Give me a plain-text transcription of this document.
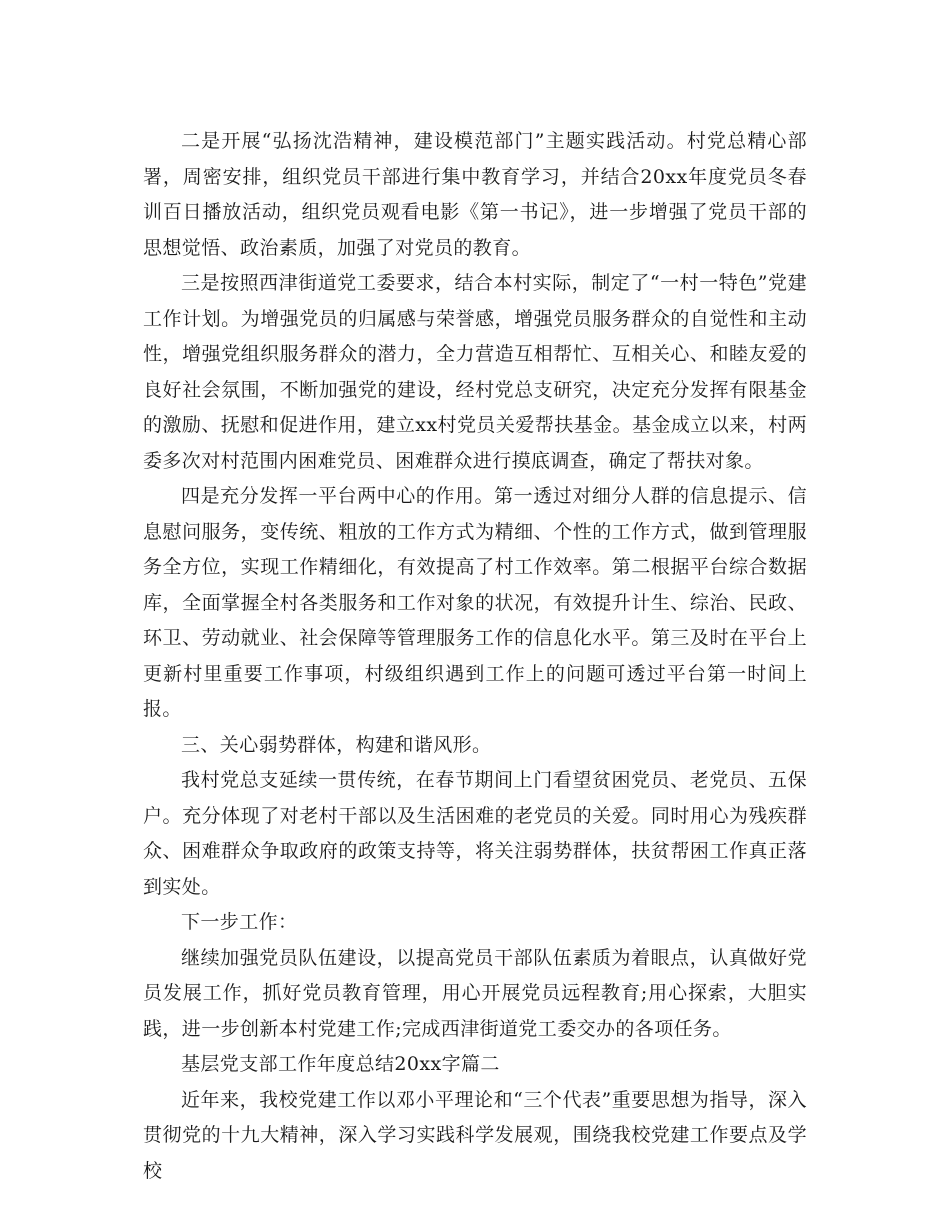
二是开展“弘扬沈浩精神，建设模范部门”主题实践活动。村党总精心部署，周密安排，组织党员干部进行集中教育学习，并结合20xx年度党员冬春训百日播放活动，组织党员观看电影《第一书记》，进一步增强了党员干部的思想觉悟、政治素质，加强了对党员的教育。

三是按照西津街道党工委要求，结合本村实际，制定了“一村一特色”党建工作计划。为增强党员的归属感与荣誉感，增强党员服务群众的自觉性和主动性，增强党组织服务群众的潜力，全力营造互相帮忙、互相关心、和睦友爱的良好社会氛围，不断加强党的建设，经村党总支研究，决定充分发挥有限基金的激励、抚慰和促进作用，建立xx村党员关爱帮扶基金。基金成立以来，村两委多次对村范围内困难党员、困难群众进行摸底调查，确定了帮扶对象。

四是充分发挥一平台两中心的作用。第一透过对细分人群的信息提示、信息慰问服务，变传统、粗放的工作方式为精细、个性的工作方式，做到管理服务全方位，实现工作精细化，有效提高了村工作效率。第二根据平台综合数据库，全面掌握全村各类服务和工作对象的状况，有效提升计生、综治、民政、环卫、劳动就业、社会保障等管理服务工作的信息化水平。第三及时在平台上更新村里重要工作事项，村级组织遇到工作上的问题可透过平台第一时间上报。

三、关心弱势群体，构建和谐风形。

我村党总支延续一贯传统，在春节期间上门看望贫困党员、老党员、五保户。充分体现了对老村干部以及生活困难的老党员的关爱。同时用心为残疾群众、困难群众争取政府的政策支持等，将关注弱势群体，扶贫帮困工作真正落到实处。

下一步工作：

继续加强党员队伍建设，以提高党员干部队伍素质为着眼点，认真做好党员发展工作，抓好党员教育管理，用心开展党员远程教育;用心探索，大胆实践，进一步创新本村党建工作;完成西津街道党工委交办的各项任务。

基层党支部工作年度总结20xx字篇二

近年来，我校党建工作以邓小平理论和“三个代表”重要思想为指导，深入贯彻党的十九大精神，深入学习实践科学发展观，围绕我校党建工作要点及学校
